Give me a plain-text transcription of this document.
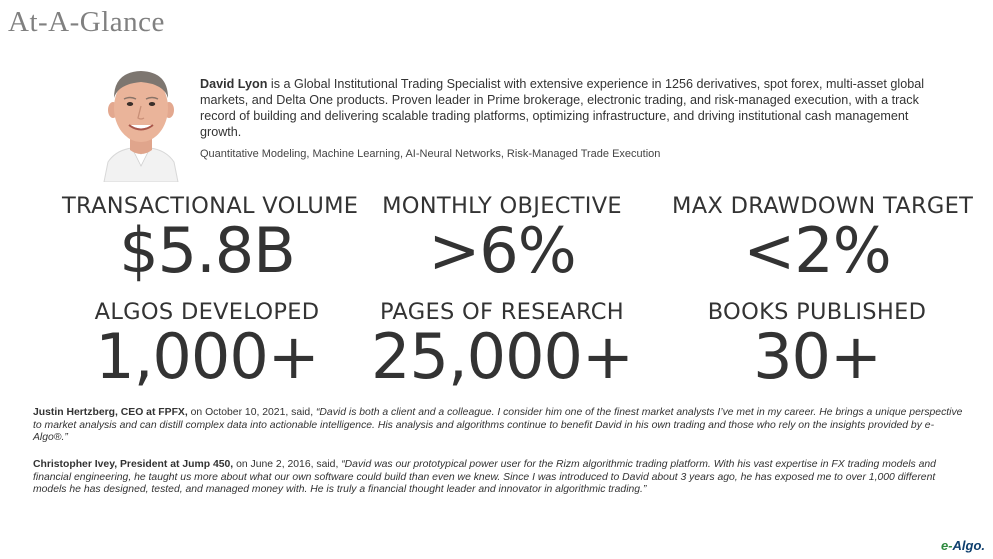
At-A-Glance
David Lyon is a Global Institutional Trading Specialist with extensive experience in 1256 derivatives, spot forex, multi-asset global markets, and Delta One products. Proven leader in Prime brokerage, electronic trading, and risk-managed execution, with a track record of building and delivering scalable trading platforms, optimizing infrastructure, and driving institutional cash management growth.
Quantitative Modeling, Machine Learning, AI-Neural Networks, Risk-Managed Trade Execution
TRANSACTIONAL VOLUME
$5.8B
MONTHLY OBJECTIVE
>6%
MAX DRAWDOWN TARGET
<2%
ALGOS DEVELOPED
1,000+
PAGES OF RESEARCH
25,000+
BOOKS PUBLISHED
30+
Justin Hertzberg, CEO at FPFX, on October 10, 2021, said, “David is both a client and a colleague. I consider him one of the finest market analysts I’ve met in my career. He brings a unique perspective to market analysis and can distill complex data into actionable intelligence. His analysis and algorithms continue to benefit David in his own trading and those who rely on the insights provided by e-Algo®.”
Christopher Ivey, President at Jump 450, on June 2, 2016, said, “David was our prototypical power user for the Rizm algorithmic trading platform. With his vast expertise in FX trading models and financial engineering, he taught us more about what our own software could build than even we knew. Since I was introduced to David about 3 years ago, he has exposed me to over 1,000 different models he has designed, tested, and managed money with. He is truly a financial thought leader and innovator in algorithmic trading.”
e-Algo.
